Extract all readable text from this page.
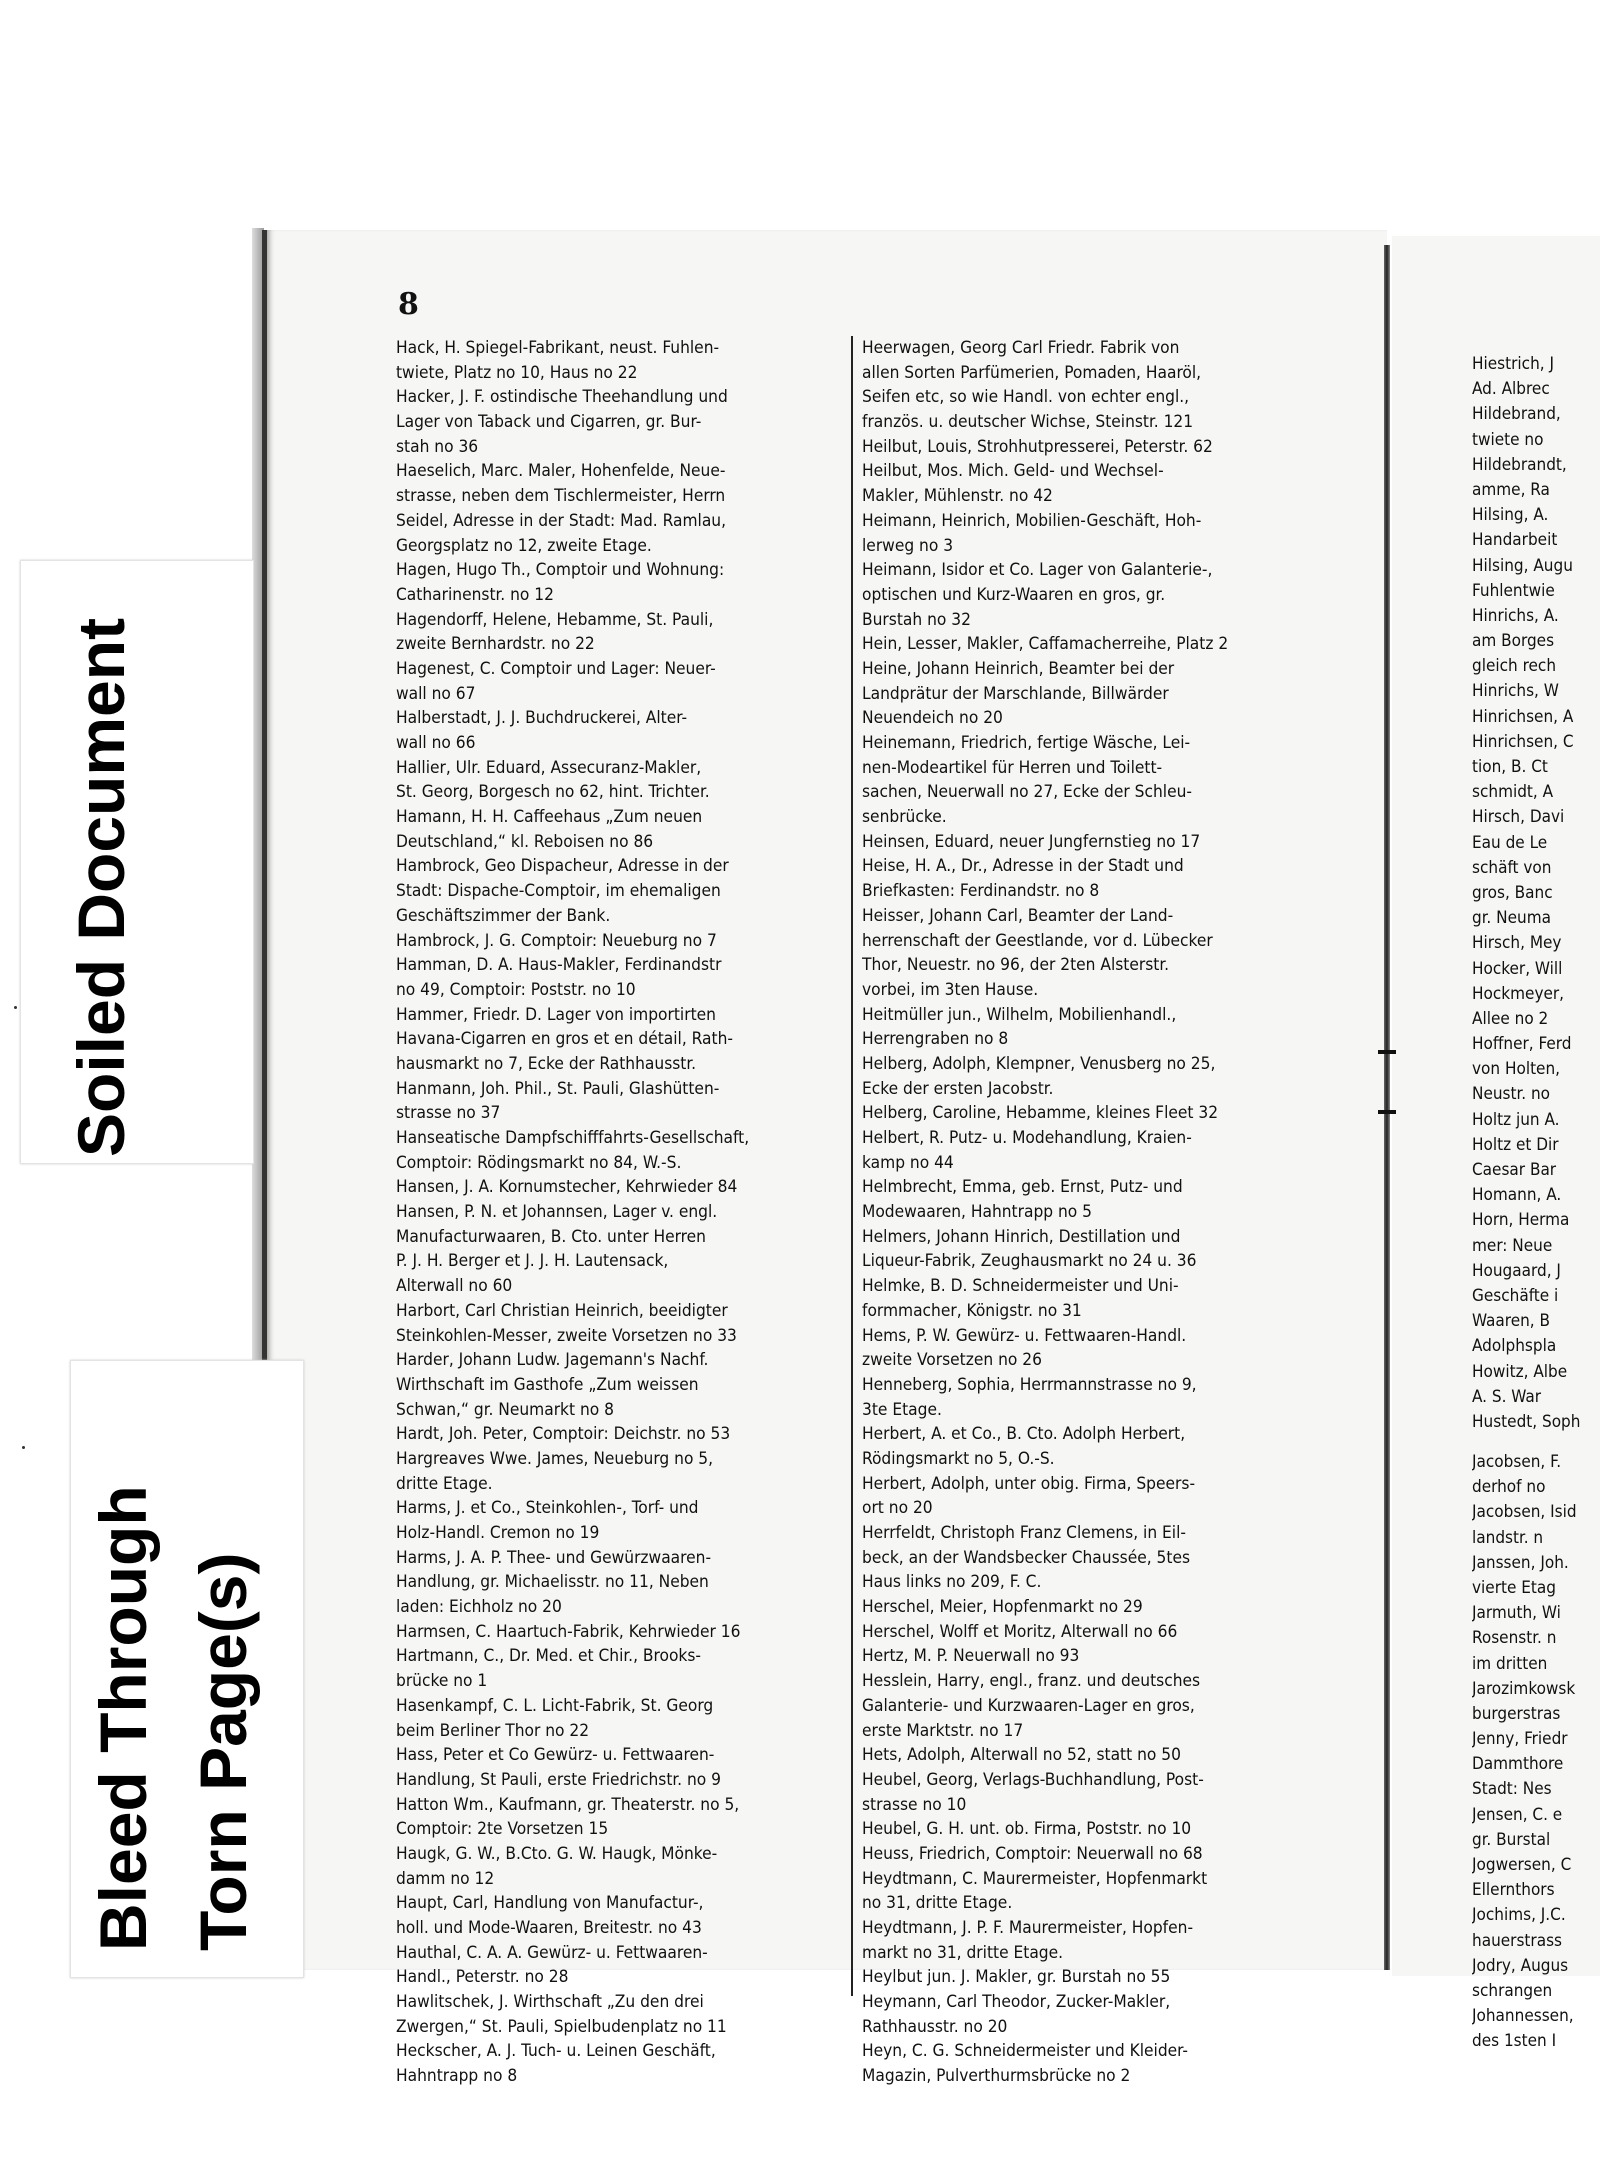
8
Hack, H. Spiegel-Fabrikant, neust. Fuhlen-
twiete, Platz no 10, Haus no 22
Hacker, J. F. ostindische Theehandlung und
Lager von Taback und Cigarren, gr. Bur-
stah no 36
Haeselich, Marc. Maler, Hohenfelde, Neue-
strasse, neben dem Tischlermeister, Herrn
Seidel, Adresse in der Stadt: Mad. Ramlau,
Georgsplatz no 12, zweite Etage.
Hagen, Hugo Th., Comptoir und Wohnung:
Catharinenstr. no 12
Hagendorff, Helene, Hebamme, St. Pauli,
zweite Bernhardstr. no 22
Hagenest, C. Comptoir und Lager: Neuer-
wall no 67
Halberstadt, J. J. Buchdruckerei, Alter-
wall no 66
Hallier, Ulr. Eduard, Assecuranz-Makler,
St. Georg, Borgesch no 62, hint. Trichter.
Hamann, H. H. Caffeehaus „Zum neuen
Deutschland,“ kl. Reboisen no 86
Hambrock, Geo Dispacheur, Adresse in der
Stadt: Dispache-Comptoir, im ehemaligen
Geschäftszimmer der Bank.
Hambrock, J. G. Comptoir: Neueburg no 7
Hamman, D. A. Haus-Makler, Ferdinandstr
no 49, Comptoir: Poststr. no 10
Hammer, Friedr. D. Lager von importirten
Havana-Cigarren en gros et en détail, Rath-
hausmarkt no 7, Ecke der Rathhausstr.
Hanmann, Joh. Phil., St. Pauli, Glashütten-
strasse no 37
Hanseatische Dampfschifffahrts-Gesellschaft,
Comptoir: Rödingsmarkt no 84, W.-S.
Hansen, J. A. Kornumstecher, Kehrwieder 84
Hansen, P. N. et Johannsen, Lager v. engl.
Manufacturwaaren, B. Cto. unter Herren
P. J. H. Berger et J. J. H. Lautensack,
Alterwall no 60
Harbort, Carl Christian Heinrich, beeidigter
Steinkohlen-Messer, zweite Vorsetzen no 33
Harder, Johann Ludw. Jagemann's Nachf.
Wirthschaft im Gasthofe „Zum weissen
Schwan,“ gr. Neumarkt no 8
Hardt, Joh. Peter, Comptoir: Deichstr. no 53
Hargreaves Wwe. James, Neueburg no 5,
dritte Etage.
Harms, J. et Co., Steinkohlen-, Torf- und
Holz-Handl. Cremon no 19
Harms, J. A. P. Thee- und Gewürzwaaren-
Handlung, gr. Michaelisstr. no 11, Neben
laden: Eichholz no 20
Harmsen, C. Haartuch-Fabrik, Kehrwieder 16
Hartmann, C., Dr. Med. et Chir., Brooks-
brücke no 1
Hasenkampf, C. L. Licht-Fabrik, St. Georg
beim Berliner Thor no 22
Hass, Peter et Co Gewürz- u. Fettwaaren-
Handlung, St Pauli, erste Friedrichstr. no 9
Hatton Wm., Kaufmann, gr. Theaterstr. no 5,
Comptoir: 2te Vorsetzen 15
Haugk, G. W., B.Cto. G. W. Haugk, Mönke-
damm no 12
Haupt, Carl, Handlung von Manufactur-,
holl. und Mode-Waaren, Breitestr. no 43
Hauthal, C. A. A. Gewürz- u. Fettwaaren-
Handl., Peterstr. no 28
Hawlitschek, J. Wirthschaft „Zu den drei
Zwergen,“ St. Pauli, Spielbudenplatz no 11
Heckscher, A. J. Tuch- u. Leinen Geschäft,
Hahntrapp no 8
Heerwagen, Georg Carl Friedr. Fabrik von
allen Sorten Parfümerien, Pomaden, Haaröl,
Seifen etc, so wie Handl. von echter engl.,
französ. u. deutscher Wichse, Steinstr. 121
Heilbut, Louis, Strohhutpresserei, Peterstr. 62
Heilbut, Mos. Mich. Geld- und Wechsel-
Makler, Mühlenstr. no 42
Heimann, Heinrich, Mobilien-Geschäft, Hoh-
lerweg no 3
Heimann, Isidor et Co. Lager von Galanterie-,
optischen und Kurz-Waaren en gros, gr.
Burstah no 32
Hein, Lesser, Makler, Caffamacherreihe, Platz 2
Heine, Johann Heinrich, Beamter bei der
Landprätur der Marschlande, Billwärder
Neuendeich no 20
Heinemann, Friedrich, fertige Wäsche, Lei-
nen-Modeartikel für Herren und Toilett-
sachen, Neuerwall no 27, Ecke der Schleu-
senbrücke.
Heinsen, Eduard, neuer Jungfernstieg no 17
Heise, H. A., Dr., Adresse in der Stadt und
Briefkasten: Ferdinandstr. no 8
Heisser, Johann Carl, Beamter der Land-
herrenschaft der Geestlande, vor d. Lübecker
Thor, Neuestr. no 96, der 2ten Alsterstr.
vorbei, im 3ten Hause.
Heitmüller jun., Wilhelm, Mobilienhandl.,
Herrengraben no 8
Helberg, Adolph, Klempner, Venusberg no 25,
Ecke der ersten Jacobstr.
Helberg, Caroline, Hebamme, kleines Fleet 32
Helbert, R. Putz- u. Modehandlung, Kraien-
kamp no 44
Helmbrecht, Emma, geb. Ernst, Putz- und
Modewaaren, Hahntrapp no 5
Helmers, Johann Hinrich, Destillation und
Liqueur-Fabrik, Zeughausmarkt no 24 u. 36
Helmke, B. D. Schneidermeister und Uni-
formmacher, Königstr. no 31
Hems, P. W. Gewürz- u. Fettwaaren-Handl.
zweite Vorsetzen no 26
Henneberg, Sophia, Herrmannstrasse no 9,
3te Etage.
Herbert, A. et Co., B. Cto. Adolph Herbert,
Rödingsmarkt no 5, O.-S.
Herbert, Adolph, unter obig. Firma, Speers-
ort no 20
Herrfeldt, Christoph Franz Clemens, in Eil-
beck, an der Wandsbecker Chaussée, 5tes
Haus links no 209, F. C.
Herschel, Meier, Hopfenmarkt no 29
Herschel, Wolff et Moritz, Alterwall no 66
Hertz, M. P. Neuerwall no 93
Hesslein, Harry, engl., franz. und deutsches
Galanterie- und Kurzwaaren-Lager en gros,
erste Marktstr. no 17
Hets, Adolph, Alterwall no 52, statt no 50
Heubel, Georg, Verlags-Buchhandlung, Post-
strasse no 10
Heubel, G. H. unt. ob. Firma, Poststr. no 10
Heuss, Friedrich, Comptoir: Neuerwall no 68
Heydtmann, C. Maurermeister, Hopfenmarkt
no 31, dritte Etage.
Heydtmann, J. P. F. Maurermeister, Hopfen-
markt no 31, dritte Etage.
Heylbut jun. J. Makler, gr. Burstah no 55
Heymann, Carl Theodor, Zucker-Makler,
Rathhausstr. no 20
Heyn, C. G. Schneidermeister und Kleider-
Magazin, Pulverthurmsbrücke no 2
Hiestrich, J
Ad. Albrec
Hildebrand,
twiete no
Hildebrandt,
amme, Ra
Hilsing, A.
Handarbeit
Hilsing, Augu
Fuhlentwie
Hinrichs, A.
am Borges
gleich rech
Hinrichs, W
Hinrichsen, A
Hinrichsen, C
tion, B. Ct
schmidt, A
Hirsch, Davi
Eau de Le
schäft von
gros, Banc
gr. Neuma
Hirsch, Mey
Hocker, Will
Hockmeyer,
Allee no 2
Hoffner, Ferd
von Holten,
Neustr. no
Holtz jun A.
Holtz et Dir
Caesar Bar
Homann, A.
Horn, Herma
mer: Neue
Hougaard, J
Geschäfte i
Waaren, B
Adolphspla
Howitz, Albe
A. S. War
Hustedt, Soph
Jacobsen, F.
derhof no
Jacobsen, Isid
landstr. n
Janssen, Joh.
vierte Etag
Jarmuth, Wi
Rosenstr. n
im dritten
Jarozimkowsk
burgerstras
Jenny, Friedr
Dammthore
Stadt: Nes
Jensen, C. e
gr. Burstal
Jogwersen, C
Ellernthors
Jochims, J.C.
hauerstrass
Jodry, Augus
schrangen
Johannessen,
des 1sten I
Soiled Document
Bleed Through Torn Page(s)
